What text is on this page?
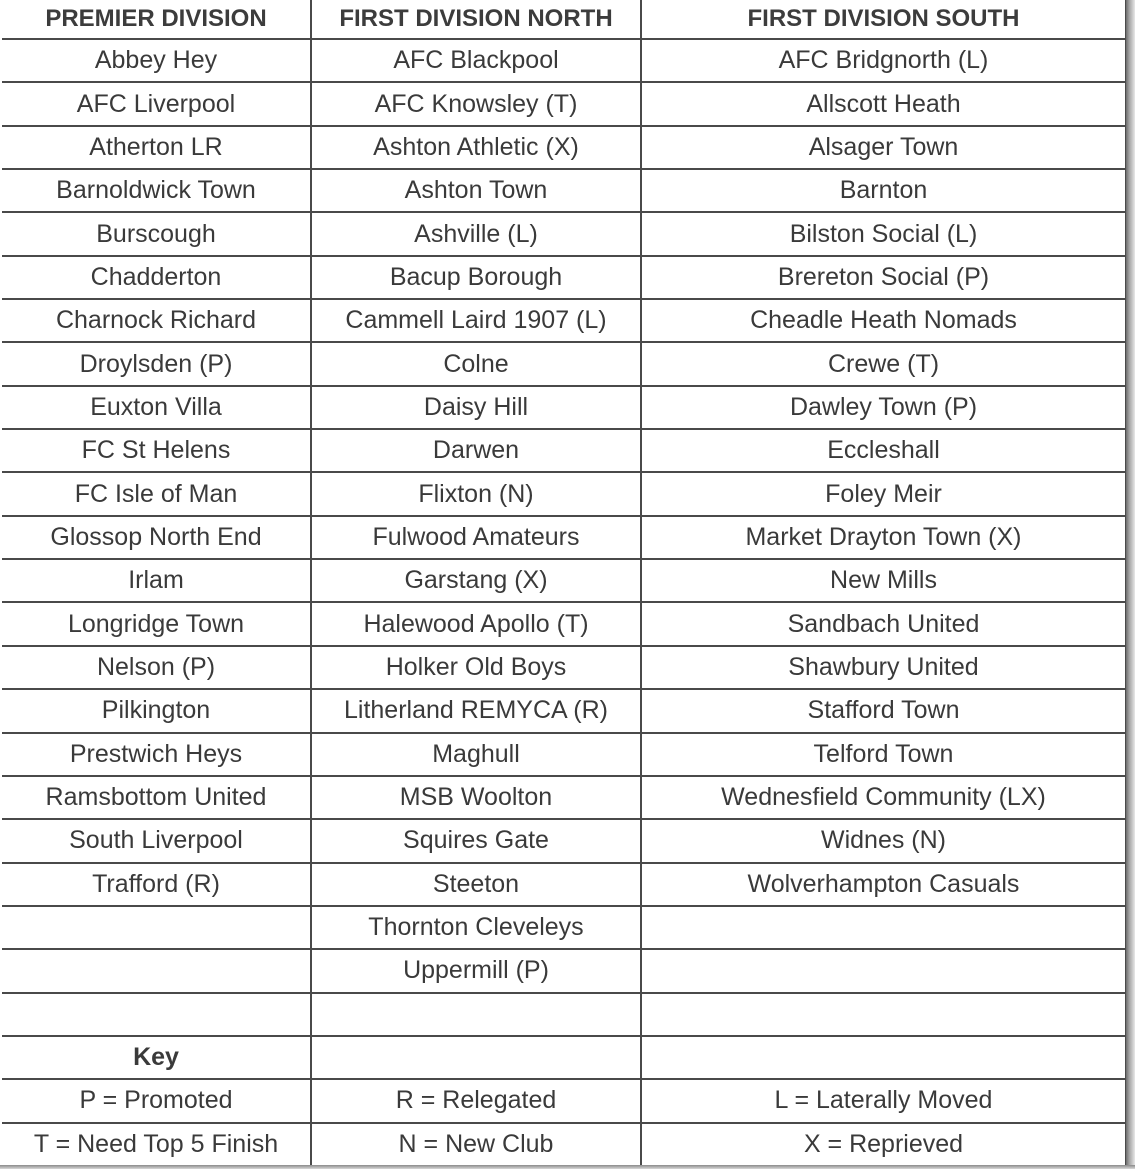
PREMIER DIVISION	FIRST DIVISION NORTH	FIRST DIVISION SOUTH
Abbey Hey	AFC Blackpool	AFC Bridgnorth (L)
AFC Liverpool	AFC Knowsley (T)	Allscott Heath
Atherton LR	Ashton Athletic (X)	Alsager Town
Barnoldwick Town	Ashton Town	Barnton
Burscough	Ashville (L)	Bilston Social (L)
Chadderton	Bacup Borough	Brereton Social (P)
Charnock Richard	Cammell Laird 1907 (L)	Cheadle Heath Nomads
Droylsden (P)	Colne	Crewe (T)
Euxton Villa	Daisy Hill	Dawley Town (P)
FC St Helens	Darwen	Eccleshall
FC Isle of Man	Flixton (N)	Foley Meir
Glossop North End	Fulwood Amateurs	Market Drayton Town (X)
Irlam	Garstang (X)	New Mills
Longridge Town	Halewood Apollo (T)	Sandbach United
Nelson (P)	Holker Old Boys	Shawbury United
Pilkington	Litherland REMYCA (R)	Stafford Town
Prestwich Heys	Maghull	Telford Town
Ramsbottom United	MSB Woolton	Wednesfield Community (LX)
South Liverpool	Squires Gate	Widnes (N)
Trafford (R)	Steeton	Wolverhampton Casuals
	Thornton Cleveleys	
	Uppermill (P)	

Key		
P = Promoted	R = Relegated	L = Laterally Moved
T = Need Top 5 Finish	N = New Club	X = Reprieved
